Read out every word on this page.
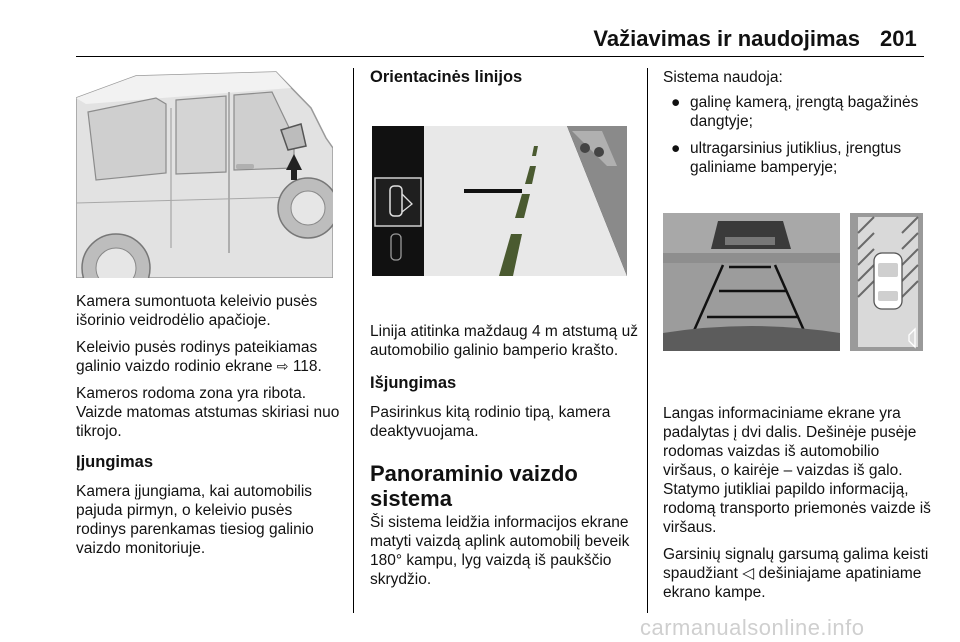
Važiavimas ir naudojimas 201

Kamera sumontuota keleivio pusės išorinio veidrodėlio apačioje.

Keleivio pusės rodinys pateikiamas galinio vaizdo rodinio ekrane ⇨ 118.

Kameros rodoma zona yra ribota. Vaizde matomas atstumas skiriasi nuo tikrojo.

Įjungimas

Kamera įjungiama, kai automobilis pajuda pirmyn, o keleivio pusės rodinys parenkamas tiesiog galinio vaizdo monitoriuje.

Orientacinės linijos

Linija atitinka maždaug 4 m atstumą už automobilio galinio bamperio krašto.

Išjungimas

Pasirinkus kitą rodinio tipą, kamera deaktyvuojama.

Panoraminio vaizdo sistema

Ši sistema leidžia informacijos ekrane matyti vaizdą aplink automobilį beveik 180° kampu, lyg vaizdą iš paukščio skrydžio.

Sistema naudoja:

● galinę kamerą, įrengtą bagažinės dangtyje;
● ultragarsinius jutiklius, įrengtus galiniame bamperyje;

Langas informaciniame ekrane yra padalytas į dvi dalis. Dešinėje pusėje rodomas vaizdas iš automobilio viršaus, o kairėje – vaizdas iš galo. Statymo jutikliai papildo informaciją, rodomą transporto priemonės vaizde iš viršaus.

Garsinių signalų garsumą galima keisti spaudžiant ◁ dešiniajame apatiniame ekrano kampe.

carmanualsonline.info
